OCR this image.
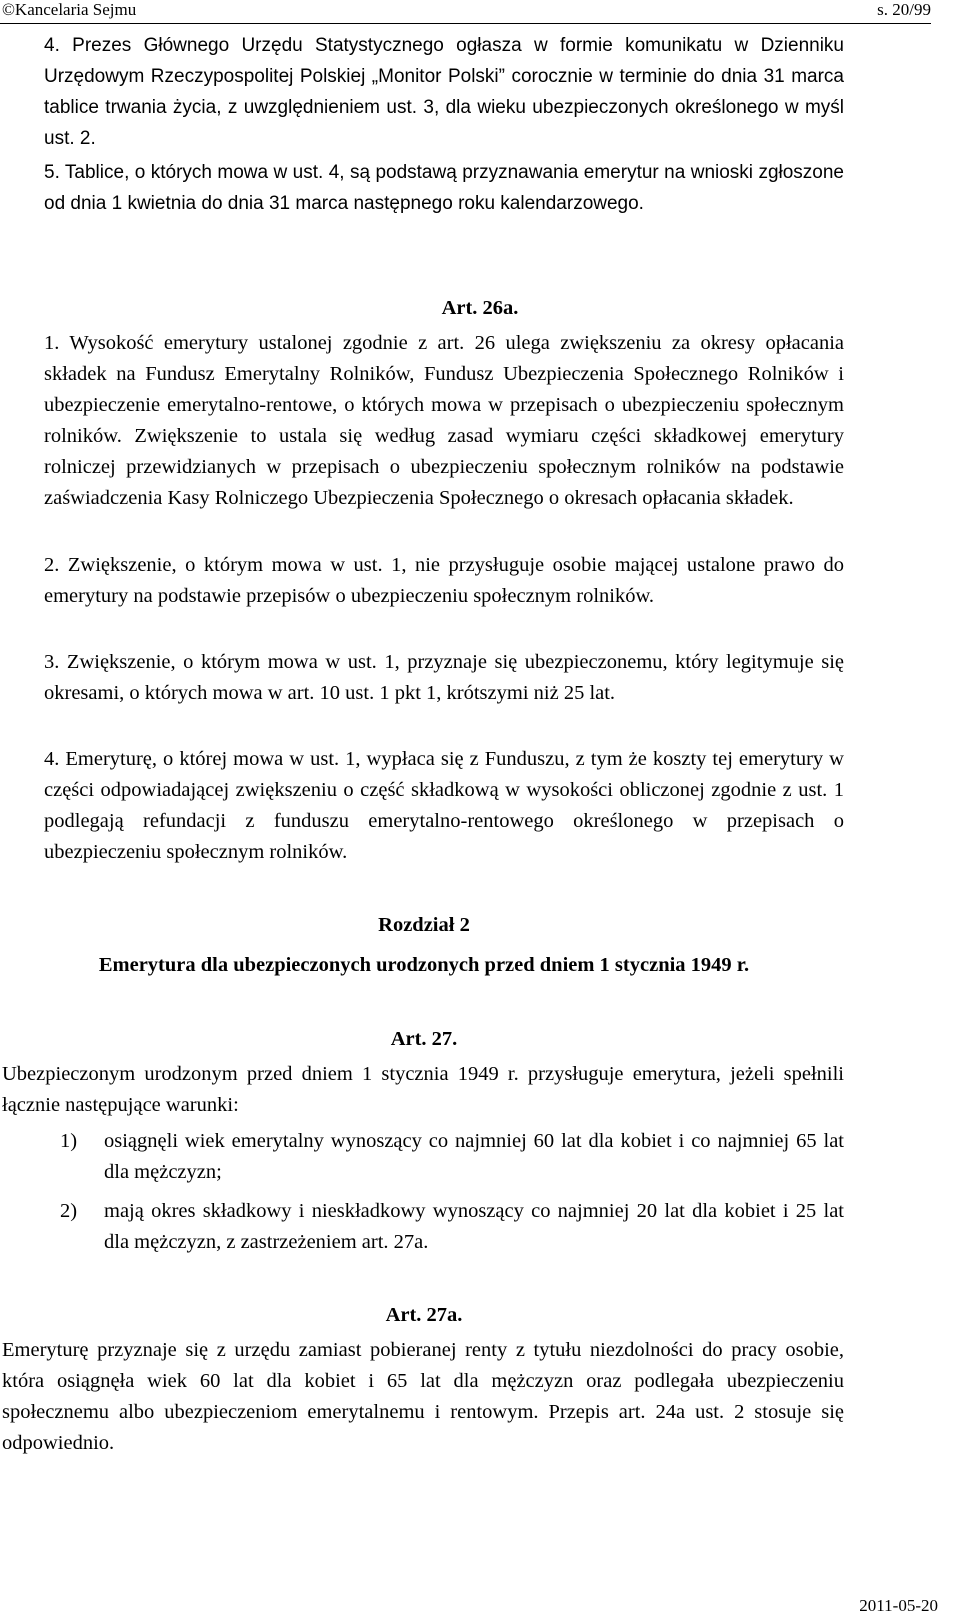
©Kancelaria Sejmu	s. 20/99
4. Prezes Głównego Urzędu Statystycznego ogłasza w formie komunikatu w Dzienniku Urzędowym Rzeczypospolitej Polskiej „Monitor Polski” corocznie w terminie do dnia 31 marca tablice trwania życia, z uwzględnieniem ust. 3, dla wieku ubezpieczonych określonego w myśl ust. 2.
5. Tablice, o których mowa w ust. 4, są podstawą przyznawania emerytur na wnioski zgłoszone od dnia 1 kwietnia do dnia 31 marca następnego roku kalendarzowego.
Art. 26a.
1. Wysokość emerytury ustalonej zgodnie z art. 26 ulega zwiększeniu za okresy opłacania składek na Fundusz Emerytalny Rolników, Fundusz Ubezpieczenia Społecznego Rolników i ubezpieczenie emerytalno-rentowe, o których mowa w przepisach o ubezpieczeniu społecznym rolników. Zwiększenie to ustala się według zasad wymiaru części składkowej emerytury rolniczej przewidzianych w przepisach o ubezpieczeniu społecznym rolników na podstawie zaświadczenia Kasy Rolniczego Ubezpieczenia Społecznego o okresach opłacania składek.
2. Zwiększenie, o którym mowa w ust. 1, nie przysługuje osobie mającej ustalone prawo do emerytury na podstawie przepisów o ubezpieczeniu społecznym rolników.
3. Zwiększenie, o którym mowa w ust. 1, przyznaje się ubezpieczonemu, który legitymuje się okresami, o których mowa w art. 10 ust. 1 pkt 1, krótszymi niż 25 lat.
4. Emeryturę, o której mowa w ust. 1, wypłaca się z Funduszu, z tym że koszty tej emerytury w części odpowiadającej zwiększeniu o część składkową w wysokości obliczonej zgodnie z ust. 1 podlegają refundacji z funduszu emerytalno-rentowego określonego w przepisach o ubezpieczeniu społecznym rolników.
Rozdział 2
Emerytura dla ubezpieczonych urodzonych przed dniem 1 stycznia 1949 r.
Art. 27.
Ubezpieczonym urodzonym przed dniem 1 stycznia 1949 r. przysługuje emerytura, jeżeli spełnili łącznie następujące warunki:
1)	osiągnęli wiek emerytalny wynoszący co najmniej 60 lat dla kobiet i co najmniej 65 lat dla mężczyzn;
2)	mają okres składkowy i nieskładkowy wynoszący co najmniej 20 lat dla kobiet i 25 lat dla mężczyzn, z zastrzeżeniem art. 27a.
Art. 27a.
Emeryturę przyznaje się z urzędu zamiast pobieranej renty z tytułu niezdolności do pracy osobie, która osiągnęła wiek 60 lat dla kobiet i 65 lat dla mężczyzn oraz podlegała ubezpieczeniu społecznemu albo ubezpieczeniom emerytalnemu i rentowym. Przepis art. 24a ust. 2 stosuje się odpowiednio.
2011-05-20
